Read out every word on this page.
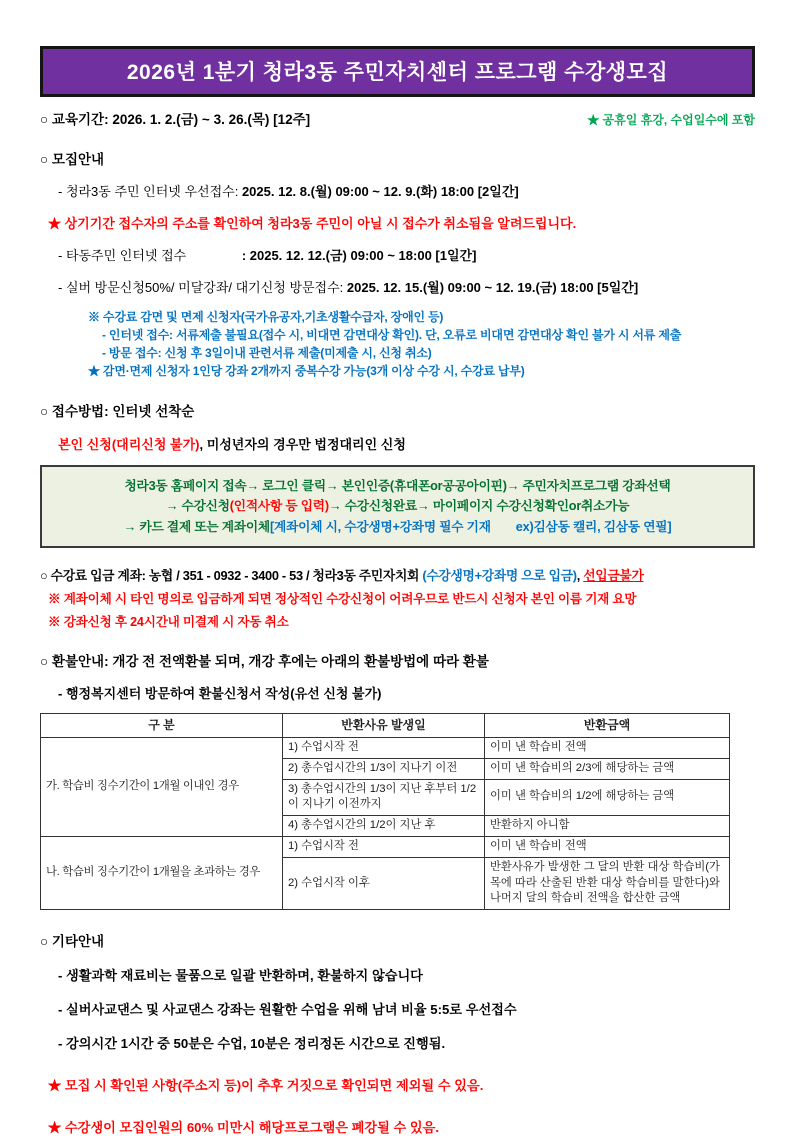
2026년 1분기 청라3동 주민자치센터 프로그램 수강생모집
○ 교육기간: 2026. 1. 2.(금) ~ 3. 26.(목) [12주]	★ 공휴일 휴강, 수업일수에 포함
○ 모집안내
- 청라3동 주민 인터넷 우선접수: 2025. 12. 8.(월) 09:00 ~ 12. 9.(화) 18:00 [2일간]
★ 상기기간 접수자의 주소를 확인하여 청라3동 주민이 아닐 시 접수가 취소됨을 알려드립니다.
- 타동주민 인터넷 접수	: 2025. 12. 12.(금) 09:00 ~ 18:00 [1일간]
- 실버 방문신청50%/ 미달강좌/ 대기신청 방문접수: 2025. 12. 15.(월) 09:00 ~ 12. 19.(금) 18:00 [5일간]
※ 수강료 감면 및 면제 신청자(국가유공자,기초생활수급자, 장애인 등)
- 인터넷 접수: 서류제출 불필요(접수 시, 비대면 감면대상 확인). 단, 오류로 비대면 감면대상 확인 불가 시 서류 제출
- 방문 접수: 신청 후 3일이내 관련서류 제출(미제출 시, 신청 취소)
★ 감면·면제 신청자 1인당 강좌 2개까지 중복수강 가능(3개 이상 수강 시, 수강료 납부)
○ 접수방법: 인터넷 선착순
본인 신청(대리신청 불가), 미성년자의 경우만 법정대리인 신청
청라3동 홈페이지 접속→ 로그인 클릭→ 본인인증(휴대폰or공공아이핀)→ 주민자치프로그램 강좌선택
→ 수강신청(인적사항 등 입력)→ 수강신청완료→ 마이페이지 수강신청확인or취소가능
→ 카드 결제 또는 계좌이체[계좌이체 시, 수강생명+강좌명 필수 기재　　ex)김삼동 캘리, 김삼동 연필]
○ 수강료 입금 계좌: 농협 / 351 - 0932 - 3400 - 53 / 청라3동 주민자치회 (수강생명+강좌명 으로 입금), 선입금불가
※ 계좌이체 시 타인 명의로 입금하게 되면 정상적인 수강신청이 어려우므로 반드시 신청자 본인 이름 기재 요망
※ 강좌신청 후 24시간내 미결제 시 자동 취소
○ 환불안내: 개강 전 전액환불 되며, 개강 후에는 아래의 환불방법에 따라 환불
- 행정복지센터 방문하여 환불신청서 작성(유선 신청 불가)
구 분	반환사유 발생일	반환금액
가. 학습비 징수기간이 1개월 이내인 경우	1) 수업시작 전	이미 낸 학습비 전액
	2) 총수업시간의 1/3이 지나기 이전	이미 낸 학습비의 2/3에 해당하는 금액
	3) 총수업시간의 1/3이 지난 후부터 1/2이 지나기 이전까지	이미 낸 학습비의 1/2에 해당하는 금액
	4) 총수업시간의 1/2이 지난 후	반환하지 아니함
나. 학습비 징수기간이 1개월을 초과하는 경우	1) 수업시작 전	이미 낸 학습비 전액
	2) 수업시작 이후	반환사유가 발생한 그 달의 반환 대상 학습비(가목에 따라 산출된 반환 대상 학습비를 말한다)와 나머지 달의 학습비 전액을 합산한 금액
○ 기타안내
- 생활과학 재료비는 물품으로 일괄 반환하며, 환불하지 않습니다
- 실버사교댄스 및 사교댄스 강좌는 원활한 수업을 위해 남녀 비율 5:5로 우선접수
- 강의시간 1시간 중 50분은 수업, 10분은 정리정돈 시간으로 진행됨.
★ 모집 시 확인된 사항(주소지 등)이 추후 거짓으로 확인되면 제외될 수 있음.
★ 수강생이 모집인원의 60% 미만시 해당프로그램은 폐강될 수 있음.
